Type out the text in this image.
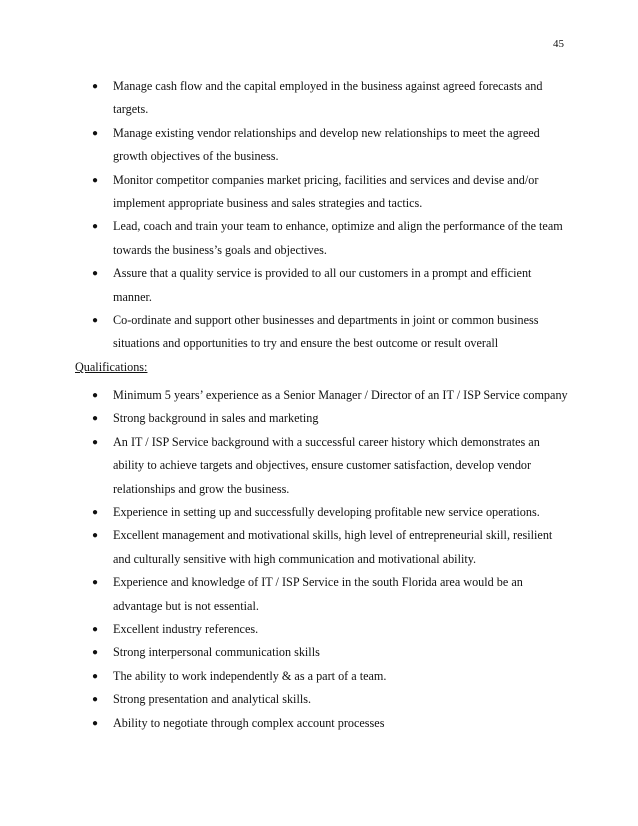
45
● Manage cash flow and the capital employed in the business against agreed forecasts and targets.
● Manage existing vendor relationships and develop new relationships to meet the agreed growth objectives of the business.
● Monitor competitor companies market pricing, facilities and services and devise and/or implement appropriate business and sales strategies and tactics.
● Lead, coach and train your team to enhance, optimize and align the performance of the team towards the business’s goals and objectives.
● Assure that a quality service is provided to all our customers in a prompt and efficient manner.
● Co-ordinate and support other businesses and departments in joint or common business situations and opportunities to try and ensure the best outcome or result overall
Qualifications:
● Minimum 5 years’ experience as a Senior Manager / Director of an IT / ISP Service company
● Strong background in sales and marketing
● An IT / ISP Service background with a successful career history which demonstrates an ability to achieve targets and objectives, ensure customer satisfaction, develop vendor relationships and grow the business.
● Experience in setting up and successfully developing profitable new service operations.
● Excellent management and motivational skills, high level of entrepreneurial skill, resilient and culturally sensitive with high communication and motivational ability.
● Experience and knowledge of IT / ISP Service in the south Florida area would be an advantage but is not essential.
● Excellent industry references.
● Strong interpersonal communication skills
● The ability to work independently & as a part of a team.
● Strong presentation and analytical skills.
● Ability to negotiate through complex account processes
